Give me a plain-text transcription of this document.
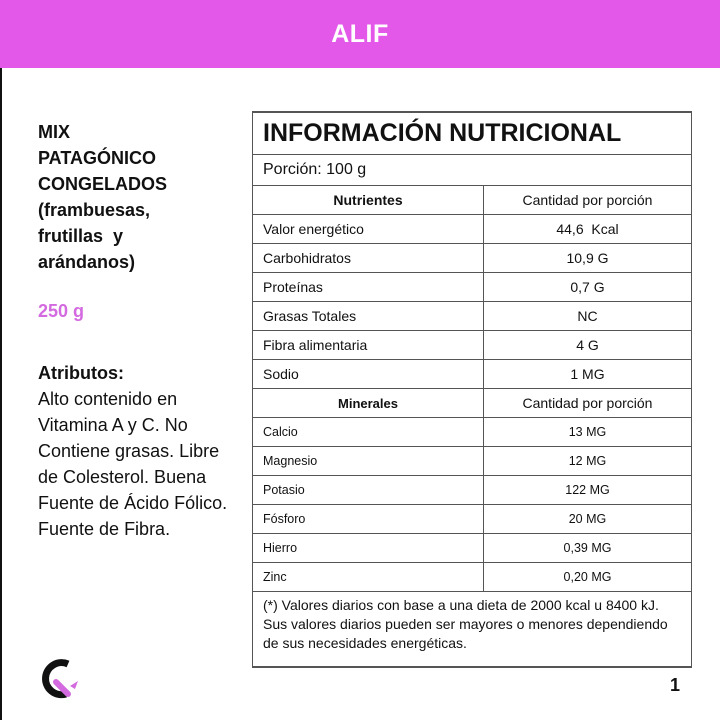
ALIF
MIX
PATAGÓNICO
CONGELADOS
(frambuesas,
frutillas  y
arándanos)
250 g
Atributos:
Alto contenido en Vitamina A y C. No Contiene grasas. Libre de Colesterol. Buena Fuente de Ácido Fólico. Fuente de Fibra.
INFORMACIÓN NUTRICIONAL	
Porción: 100 g	
Nutrientes	Cantidad por porción
Valor energético	44,6  Kcal
Carbohidratos	10,9 G
Proteínas	0,7 G
Grasas Totales	NC
Fibra alimentaria	4 G
Sodio	1 MG
Minerales	Cantidad por porción
Calcio	13 MG
Magnesio	12 MG
Potasio	122 MG
Fósforo	20 MG
Hierro	0,39 MG
Zinc	0,20 MG
(*) Valores diarios con base a una dieta de 2000 kcal u 8400 kJ. Sus valores diarios pueden ser mayores o menores dependiendo de sus necesidades energéticas.	
1
